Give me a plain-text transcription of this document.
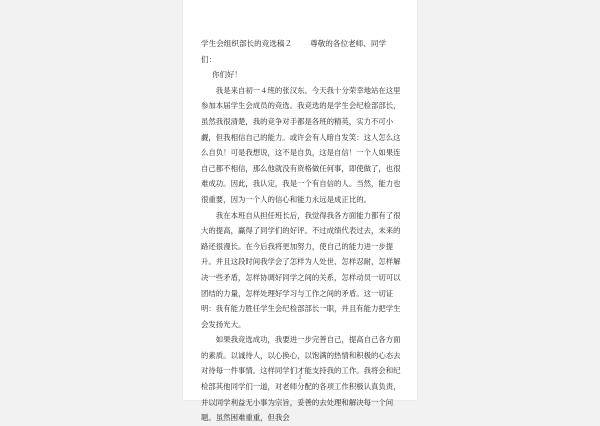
学生会组织部长的竞选稿２ 尊敬的各位老师、同学们：

你们好！

我是来自初一４班的张汉东。今天我十分荣幸地站在这里参加本届学生会成员的竞选。我竞选的是学生会纪检部部长，虽然我很清楚，我的竞争对手都是各班的精英，实力不可小觑，但我相信自己的能力。或许会有人暗自发笑：这人怎么这么自负！可是我想说，这不是自负，这是自信！一个人如果连自己都不相信，那么他就没有资格做任何事，即使做了，也很难成功。因此，我认定，我是一个有自信的人。当然，能力也很重要，因为一个人的信心和能力永远是成正比的。

我在本班自从担任班长后，我觉得我各方面能力都有了很大的提高，赢得了同学们的好评。不过成绩代表过去，未来的路还很漫长。在今后我将更加努力，使自己的能力进一步提升。并且这段时间我学会了怎样为人处世、怎样忍耐，怎样解决一些矛盾，怎样协调好同学之间的关系，怎样动员一切可以团结的力量，怎样处理好学习与工作之间的矛盾。这一切证明：我有能力胜任学生会纪检部部长一职，并且有能力把学生会发扬光大。

如果我竞选成功，我要进一步完善自己，提高自己各方面的素质。以诚待人，以心换心，以饱满的热情和积极的心态去对待每一件事情。这样同学们才能支持我的工作。我将会和纪检部其他同学们一道，对老师分配的各项工作积极认真负责，并以同学利益无小事为宗旨，妥善的去处理和解决每一个问题。虽然困难重重，但我会

１
